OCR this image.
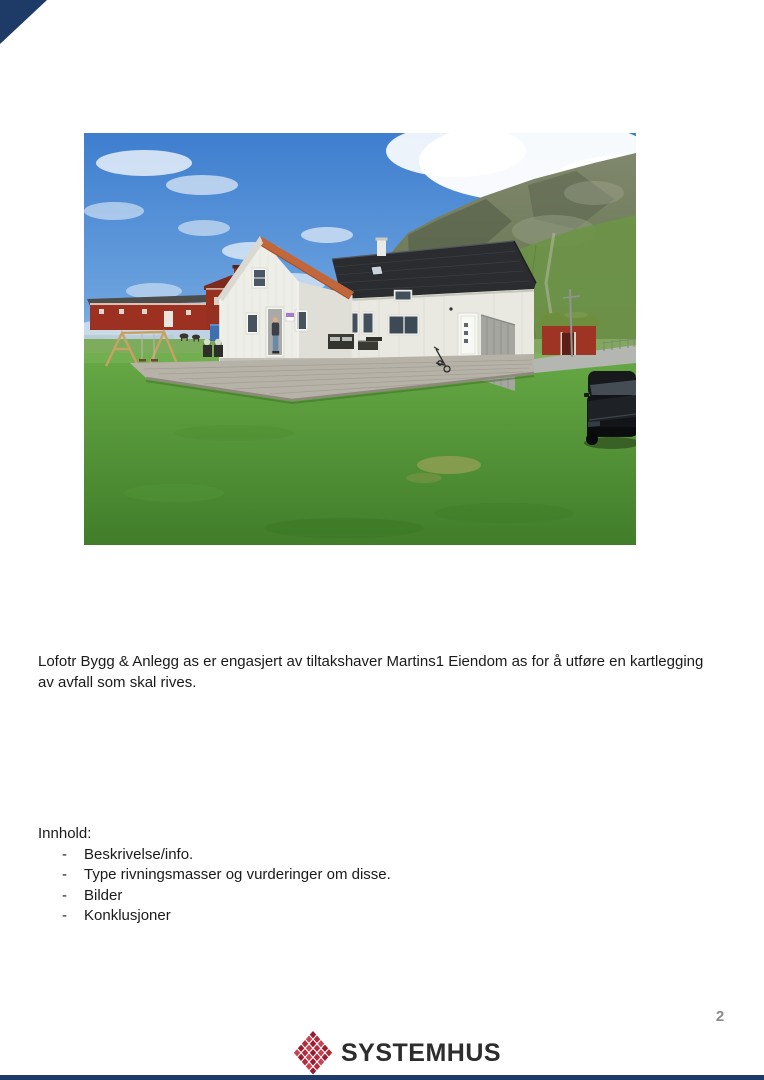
Lofotr Bygg & Anlegg as er engasjert av tiltakshaver Martins1 Eiendom as for å utføre en kartlegging
av avfall som skal rives.
Innhold:
-	Beskrivelse/info.
-	Type rivningsmasser og vurderinger om disse.
-	Bilder
-	Konklusjoner
2
SYSTEMHUS
